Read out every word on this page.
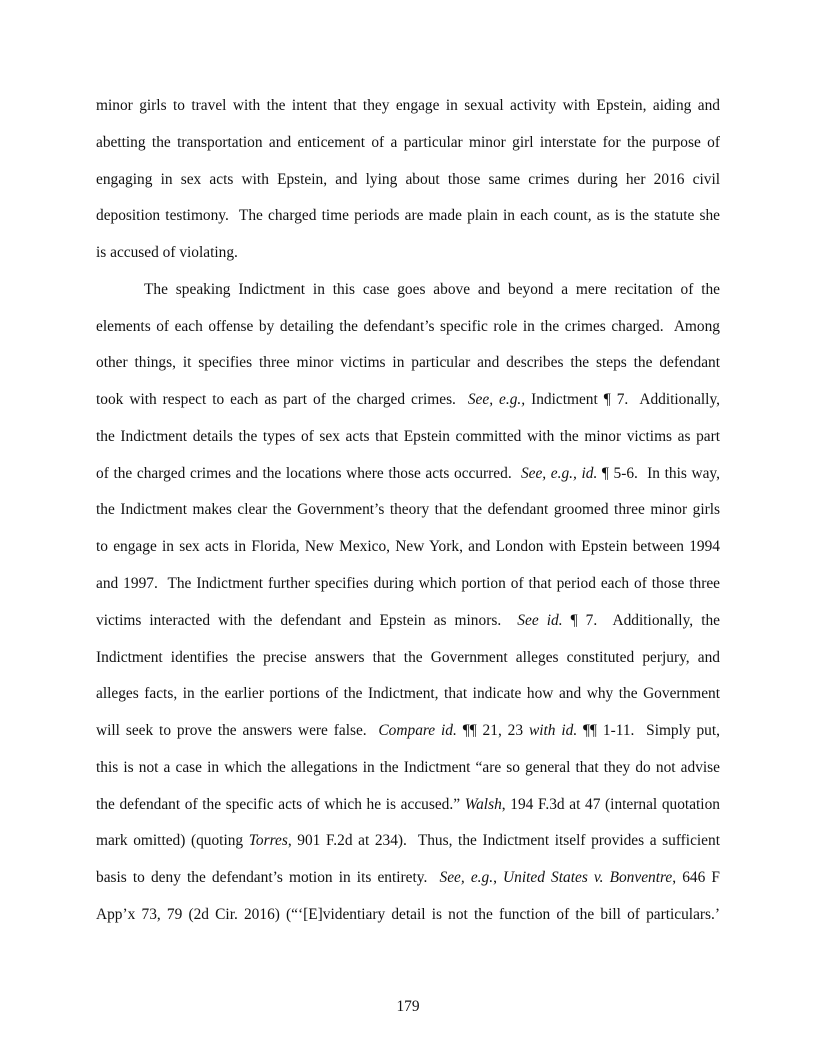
minor girls to travel with the intent that they engage in sexual activity with Epstein, aiding and
abetting the transportation and enticement of a particular minor girl interstate for the purpose of
engaging in sex acts with Epstein, and lying about those same crimes during her 2016 civil
deposition testimony.  The charged time periods are made plain in each count, as is the statute she
is accused of violating.
The speaking Indictment in this case goes above and beyond a mere recitation of the
elements of each offense by detailing the defendant’s specific role in the crimes charged.  Among
other things, it specifies three minor victims in particular and describes the steps the defendant
took with respect to each as part of the charged crimes.  See, e.g., Indictment ¶ 7.  Additionally,
the Indictment details the types of sex acts that Epstein committed with the minor victims as part
of the charged crimes and the locations where those acts occurred.  See, e.g., id. ¶ 5-6.  In this way,
the Indictment makes clear the Government’s theory that the defendant groomed three minor girls
to engage in sex acts in Florida, New Mexico, New York, and London with Epstein between 1994
and 1997.  The Indictment further specifies during which portion of that period each of those three
victims interacted with the defendant and Epstein as minors.  See id. ¶ 7.  Additionally, the
Indictment identifies the precise answers that the Government alleges constituted perjury, and
alleges facts, in the earlier portions of the Indictment, that indicate how and why the Government
will seek to prove the answers were false.  Compare id. ¶¶ 21, 23 with id. ¶¶ 1-11.  Simply put,
this is not a case in which the allegations in the Indictment “are so general that they do not advise
the defendant of the specific acts of which he is accused.” Walsh, 194 F.3d at 47 (internal quotation
mark omitted) (quoting Torres, 901 F.2d at 234).  Thus, the Indictment itself provides a sufficient
basis to deny the defendant’s motion in its entirety.  See, e.g., United States v. Bonventre, 646 F
App’x 73, 79 (2d Cir. 2016) (“‘[E]videntiary detail is not the function of the bill of particulars.’
179
